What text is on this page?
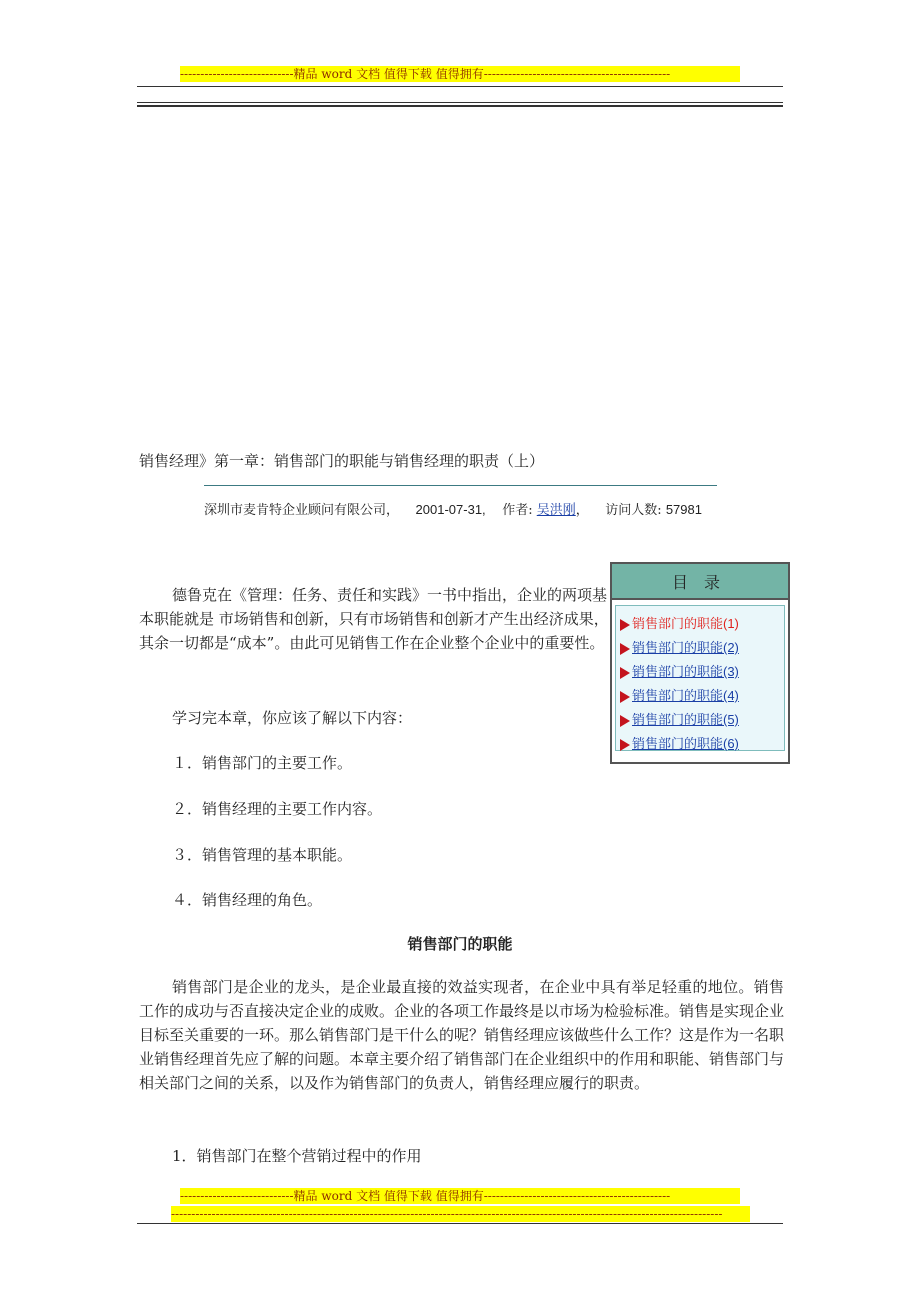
----------------------------精品 word 文档 值得下载 值得拥有----------------------------------------------
销售经理》第一章：销售部门的职能与销售经理的职责（上）
深圳市麦肯特企业顾问有限公司， 2001-07-31, 作者: 吴洪刚， 访问人数: 57981

德鲁克在《管理：任务、责任和实践》一书中指出，企业的两项基本职能就是 市场销售和创新，只有市场销售和创新才产生出经济成果，其余一切都是“成本”。由此可见销售工作在企业整个企业中的重要性。

学习完本章，你应该了解以下内容：

１．销售部门的主要工作。

２．销售经理的主要工作内容。

３．销售管理的基本职能。

４．销售经理的角色。

目录
销售部门的职能(1)
销售部门的职能(2)
销售部门的职能(3)
销售部门的职能(4)
销售部门的职能(5)
销售部门的职能(6)
销售部门的职能

销售部门是企业的龙头，是企业最直接的效益实现者，在企业中具有举足轻重的地位。销售工作的成功与否直接决定企业的成败。企业的各项工作最终是以市场为检验标准。销售是实现企业目标至关重要的一环。那么销售部门是干什么的呢？销售经理应该做些什么工作？这是作为一名职业销售经理首先应了解的问题。本章主要介绍了销售部门在企业组织中的作用和职能、销售部门与相关部门之间的关系，以及作为销售部门的负责人，销售经理应履行的职责。

1．销售部门在整个营销过程中的作用
----------------------------精品 word 文档 值得下载 值得拥有----------------------------------------------
----------------------------------------------------------------------------------------------------------------------------------------
